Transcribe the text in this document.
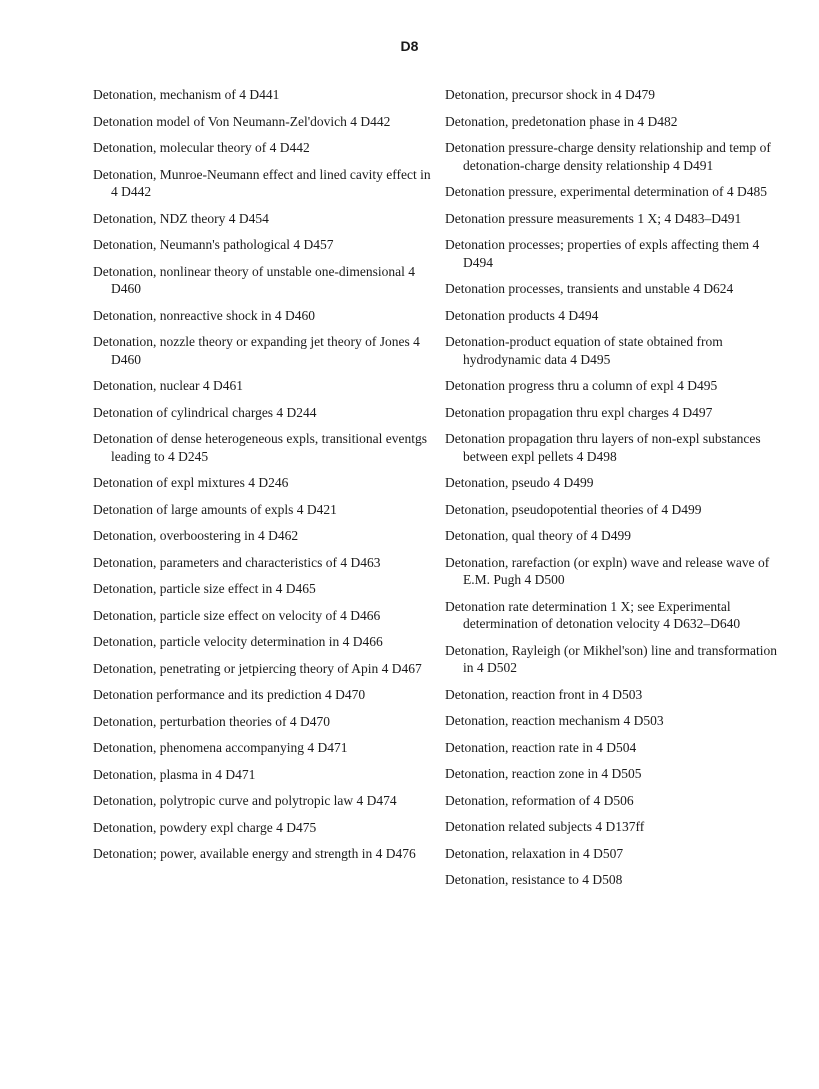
D8
Detonation, mechanism of 4 D441
Detonation model of Von Neumann-Zel'dovich 4 D442
Detonation, molecular theory of 4 D442
Detonation, Munroe-Neumann effect and lined cavity effect in 4 D442
Detonation, NDZ theory 4 D454
Detonation, Neumann's pathological 4 D457
Detonation, nonlinear theory of unstable one-dimensional 4 D460
Detonation, nonreactive shock in 4 D460
Detonation, nozzle theory or expanding jet theory of Jones 4 D460
Detonation, nuclear 4 D461
Detonation of cylindrical charges 4 D244
Detonation of dense heterogeneous expls, transitional eventgs leading to 4 D245
Detonation of expl mixtures 4 D246
Detonation of large amounts of expls 4 D421
Detonation, overboostering in 4 D462
Detonation, parameters and characteristics of 4 D463
Detonation, particle size effect in 4 D465
Detonation, particle size effect on velocity of 4 D466
Detonation, particle velocity determination in 4 D466
Detonation, penetrating or jetpiercing theory of Apin 4 D467
Detonation performance and its prediction 4 D470
Detonation, perturbation theories of 4 D470
Detonation, phenomena accompanying 4 D471
Detonation, plasma in 4 D471
Detonation, polytropic curve and polytropic law 4 D474
Detonation, powdery expl charge 4 D475
Detonation; power, available energy and strength in 4 D476
Detonation, precursor shock in 4 D479
Detonation, predetonation phase in 4 D482
Detonation pressure-charge density relationship and temp of detonation-charge density relationship 4 D491
Detonation pressure, experimental determination of 4 D485
Detonation pressure measurements 1 X; 4 D483–D491
Detonation processes; properties of expls affecting them 4 D494
Detonation processes, transients and unstable 4 D624
Detonation products 4 D494
Detonation-product equation of state obtained from hydrodynamic data 4 D495
Detonation progress thru a column of expl 4 D495
Detonation propagation thru expl charges 4 D497
Detonation propagation thru layers of non-expl substances between expl pellets 4 D498
Detonation, pseudo 4 D499
Detonation, pseudopotential theories of 4 D499
Detonation, qual theory of 4 D499
Detonation, rarefaction (or expln) wave and release wave of E.M. Pugh 4 D500
Detonation rate determination 1 X; see Experimental determination of detonation velocity 4 D632–D640
Detonation, Rayleigh (or Mikhel'son) line and transformation in 4 D502
Detonation, reaction front in 4 D503
Detonation, reaction mechanism 4 D503
Detonation, reaction rate in 4 D504
Detonation, reaction zone in 4 D505
Detonation, reformation of 4 D506
Detonation related subjects 4 D137ff
Detonation, relaxation in 4 D507
Detonation, resistance to 4 D508
